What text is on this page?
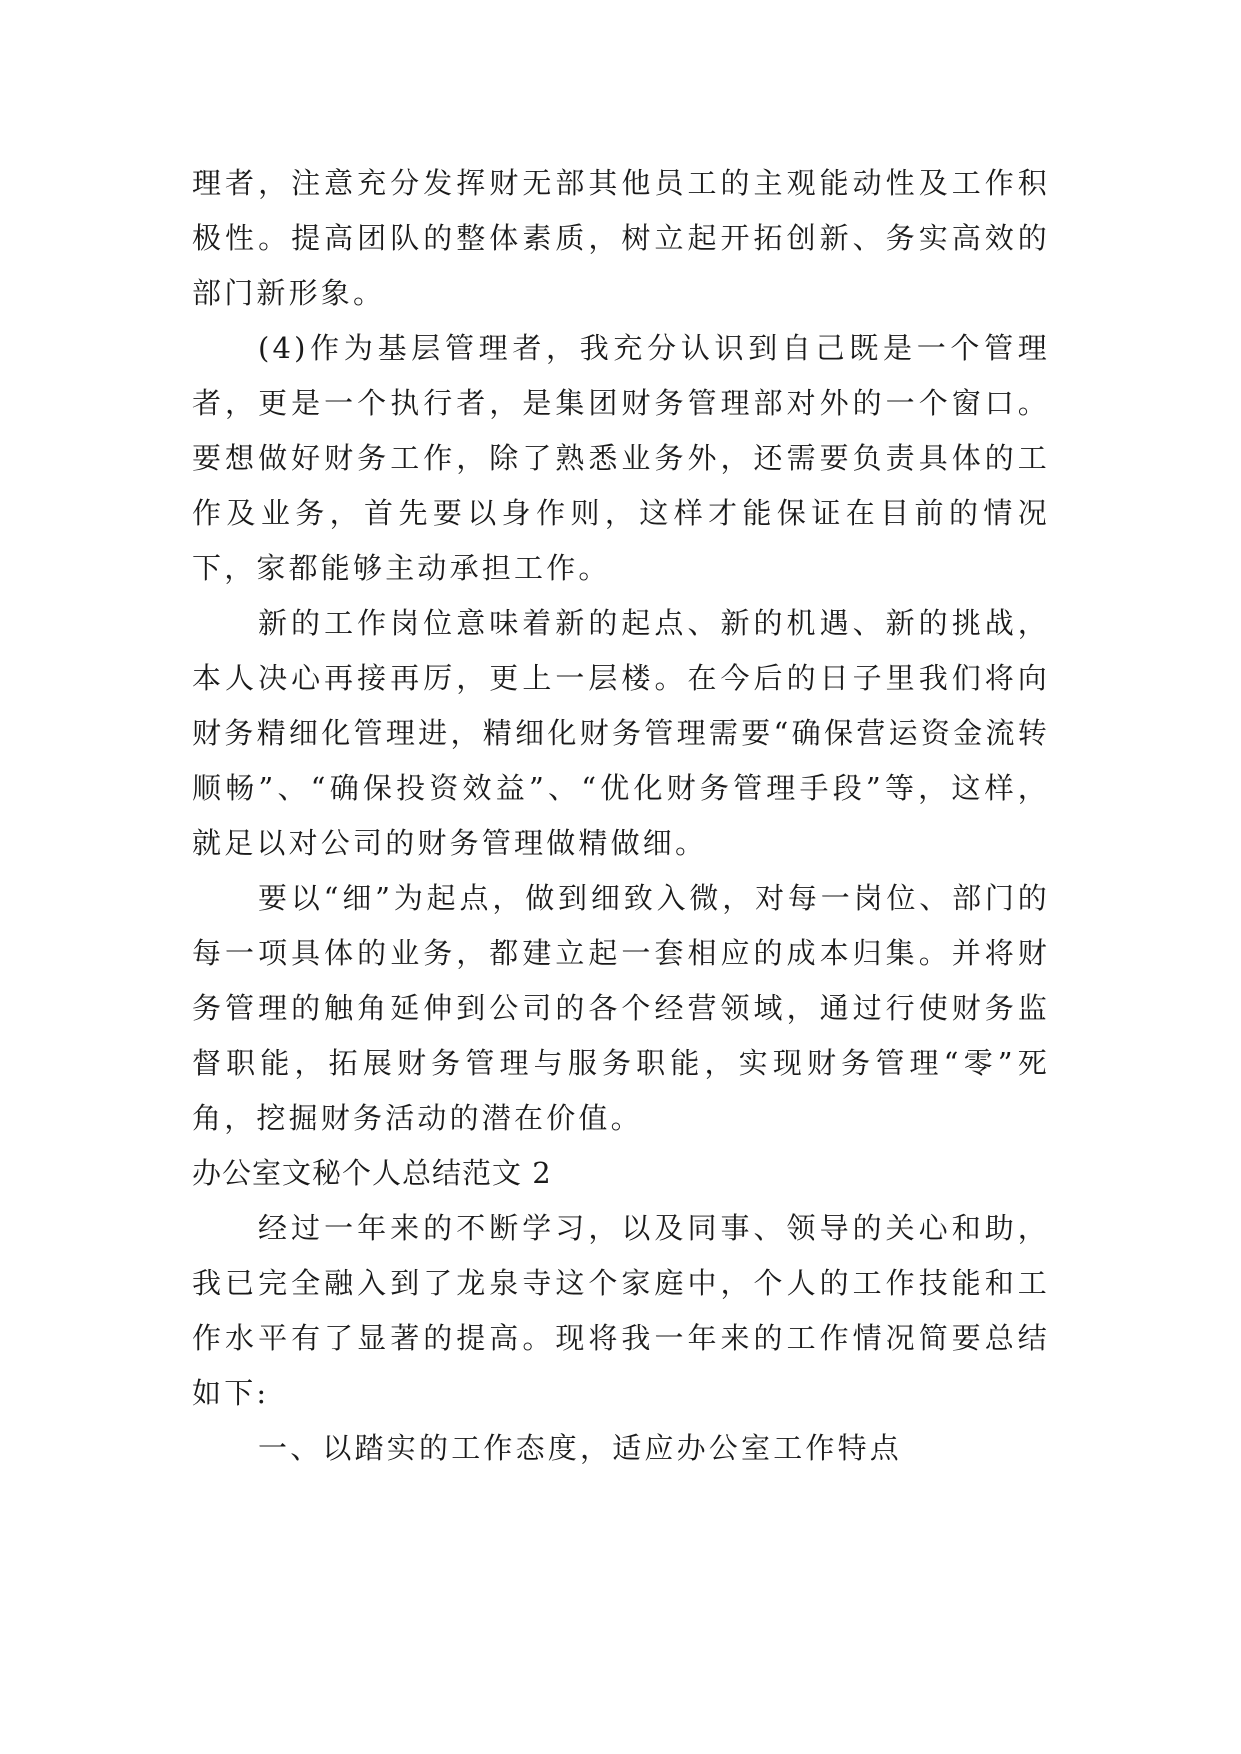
理者，注意充分发挥财无部其他员工的主观能动性及工作积极性。提高团队的整体素质，树立起开拓创新、务实高效的部门新形象。

(4)作为基层管理者，我充分认识到自己既是一个管理者，更是一个执行者，是集团财务管理部对外的一个窗口。要想做好财务工作，除了熟悉业务外，还需要负责具体的工作及业务，首先要以身作则，这样才能保证在目前的情况下，家都能够主动承担工作。

新的工作岗位意味着新的起点、新的机遇、新的挑战，本人决心再接再厉，更上一层楼。在今后的日子里我们将向财务精细化管理进，精细化财务管理需要“确保营运资金流转顺畅”、“确保投资效益”、“优化财务管理手段”等，这样，就足以对公司的财务管理做精做细。

要以“细”为起点，做到细致入微，对每一岗位、部门的每一项具体的业务，都建立起一套相应的成本归集。并将财务管理的触角延伸到公司的各个经营领域，通过行使财务监督职能，拓展财务管理与服务职能，实现财务管理“零”死角，挖掘财务活动的潜在价值。

办公室文秘个人总结范文 2

经过一年来的不断学习，以及同事、领导的关心和助，我已完全融入到了龙泉寺这个家庭中，个人的工作技能和工作水平有了显著的提高。现将我一年来的工作情况简要总结如下:

一、以踏实的工作态度，适应办公室工作特点
